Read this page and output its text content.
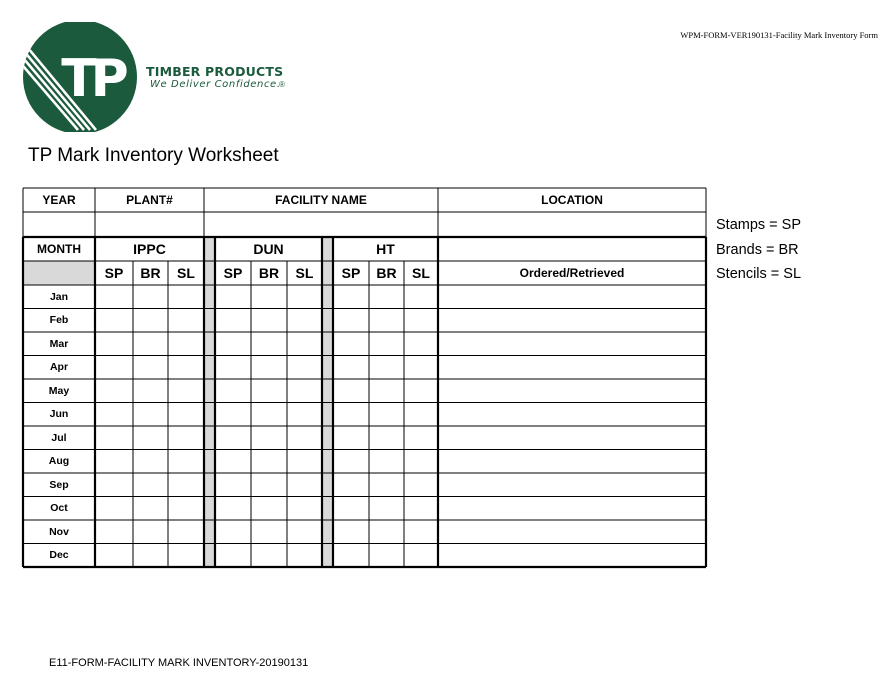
WPM-FORM-VER190131-Facility Mark Inventory Form
TP	TIMBER PRODUCTS
We Deliver Confidence.
®
TP Mark Inventory Worksheet
Stamps = SP
Brands = BR
Stencils = SL
YEAR	PLANT#	FACILITY NAME	LOCATION
MONTH	IPPC	DUN	HT
SP	BR	SL	SP	BR	SL	SP	BR	SL	Ordered/Retrieved
Jan
Feb
Mar
Apr
May
Jun
Jul
Aug
Sep
Oct
Nov
Dec
E11-FORM-FACILITY MARK INVENTORY-20190131
